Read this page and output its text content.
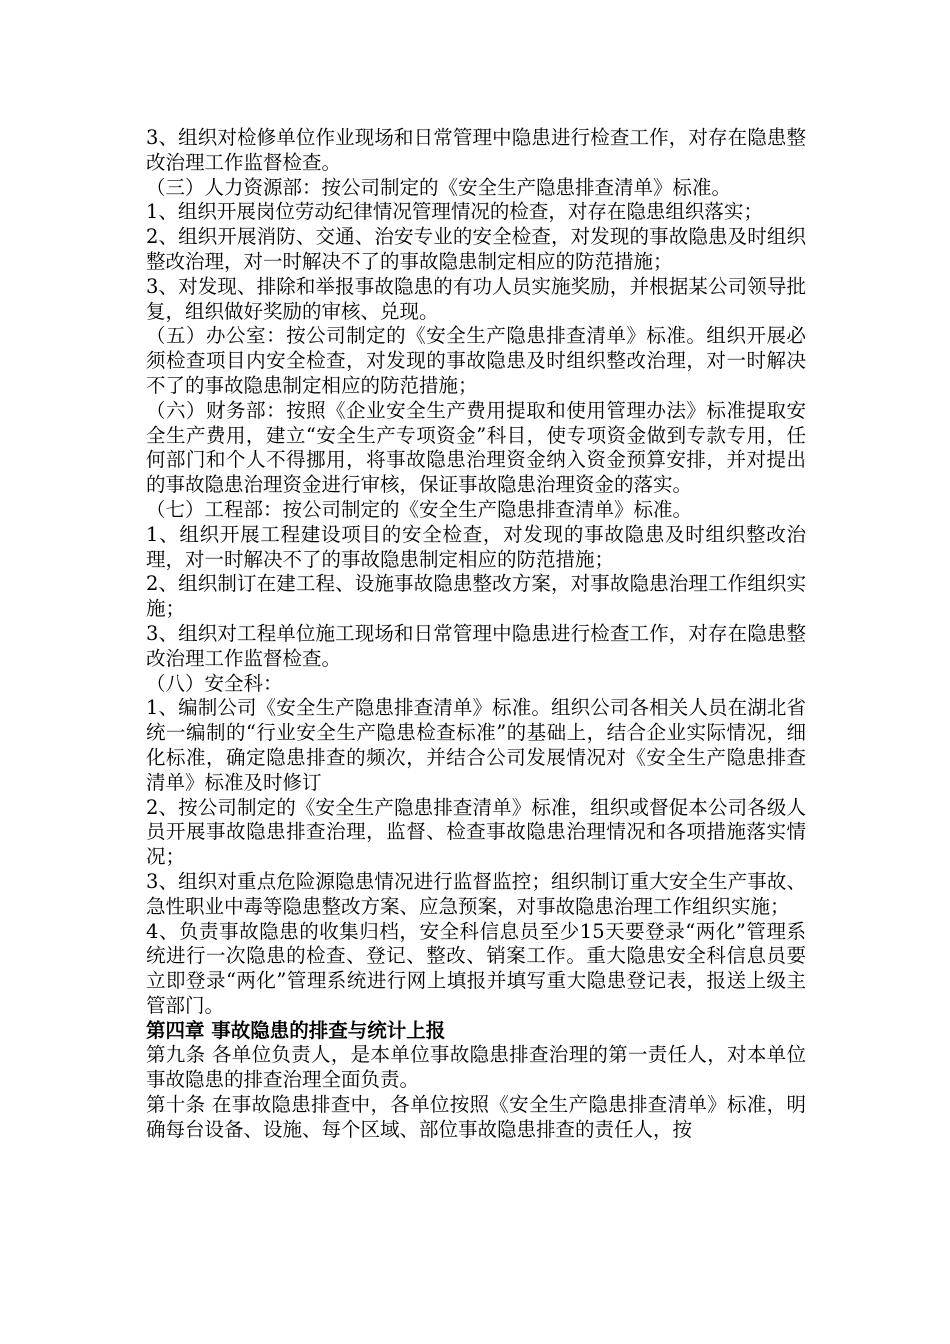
3、组织对检修单位作业现场和日常管理中隐患进行检查工作，对存在隐患整改治理工作监督检查。

（三）人力资源部：按公司制定的《安全生产隐患排查清单》标准。

1、组织开展岗位劳动纪律情况管理情况的检查，对存在隐患组织落实；

2、组织开展消防、交通、治安专业的安全检查，对发现的事故隐患及时组织整改治理，对一时解决不了的事故隐患制定相应的防范措施；

3、对发现、排除和举报事故隐患的有功人员实施奖励，并根据某公司领导批复，组织做好奖励的审核、兑现。

（五）办公室：按公司制定的《安全生产隐患排查清单》标准。组织开展必须检查项目内安全检查，对发现的事故隐患及时组织整改治理，对一时解决不了的事故隐患制定相应的防范措施；

（六）财务部：按照《企业安全生产费用提取和使用管理办法》标准提取安全生产费用，建立“安全生产专项资金”科目，使专项资金做到专款专用，任何部门和个人不得挪用，将事故隐患治理资金纳入资金预算安排，并对提出的事故隐患治理资金进行审核，保证事故隐患治理资金的落实。

（七）工程部：按公司制定的《安全生产隐患排查清单》标准。

1、组织开展工程建设项目的安全检查，对发现的事故隐患及时组织整改治理，对一时解决不了的事故隐患制定相应的防范措施；

2、组织制订在建工程、设施事故隐患整改方案，对事故隐患治理工作组织实施；

3、组织对工程单位施工现场和日常管理中隐患进行检查工作，对存在隐患整改治理工作监督检查。

（八）安全科：

1、编制公司《安全生产隐患排查清单》标准。组织公司各相关人员在湖北省统一编制的“行业安全生产隐患检查标准”的基础上，结合企业实际情况，细化标准，确定隐患排查的频次，并结合公司发展情况对《安全生产隐患排查清单》标准及时修订

2、按公司制定的《安全生产隐患排查清单》标准，组织或督促本公司各级人员开展事故隐患排查治理，监督、检查事故隐患治理情况和各项措施落实情况；

3、组织对重点危险源隐患情况进行监督监控；组织制订重大安全生产事故、急性职业中毒等隐患整改方案、应急预案，对事故隐患治理工作组织实施；

4、负责事故隐患的收集归档，安全科信息员至少15天要登录“两化”管理系统进行一次隐患的检查、登记、整改、销案工作。重大隐患安全科信息员要立即登录“两化”管理系统进行网上填报并填写重大隐患登记表，报送上级主管部门。

第四章 事故隐患的排查与统计上报

第九条 各单位负责人，是本单位事故隐患排查治理的第一责任人，对本单位事故隐患的排查治理全面负责。

第十条 在事故隐患排查中，各单位按照《安全生产隐患排查清单》标准，明确每台设备、设施、每个区域、部位事故隐患排查的责任人，按
